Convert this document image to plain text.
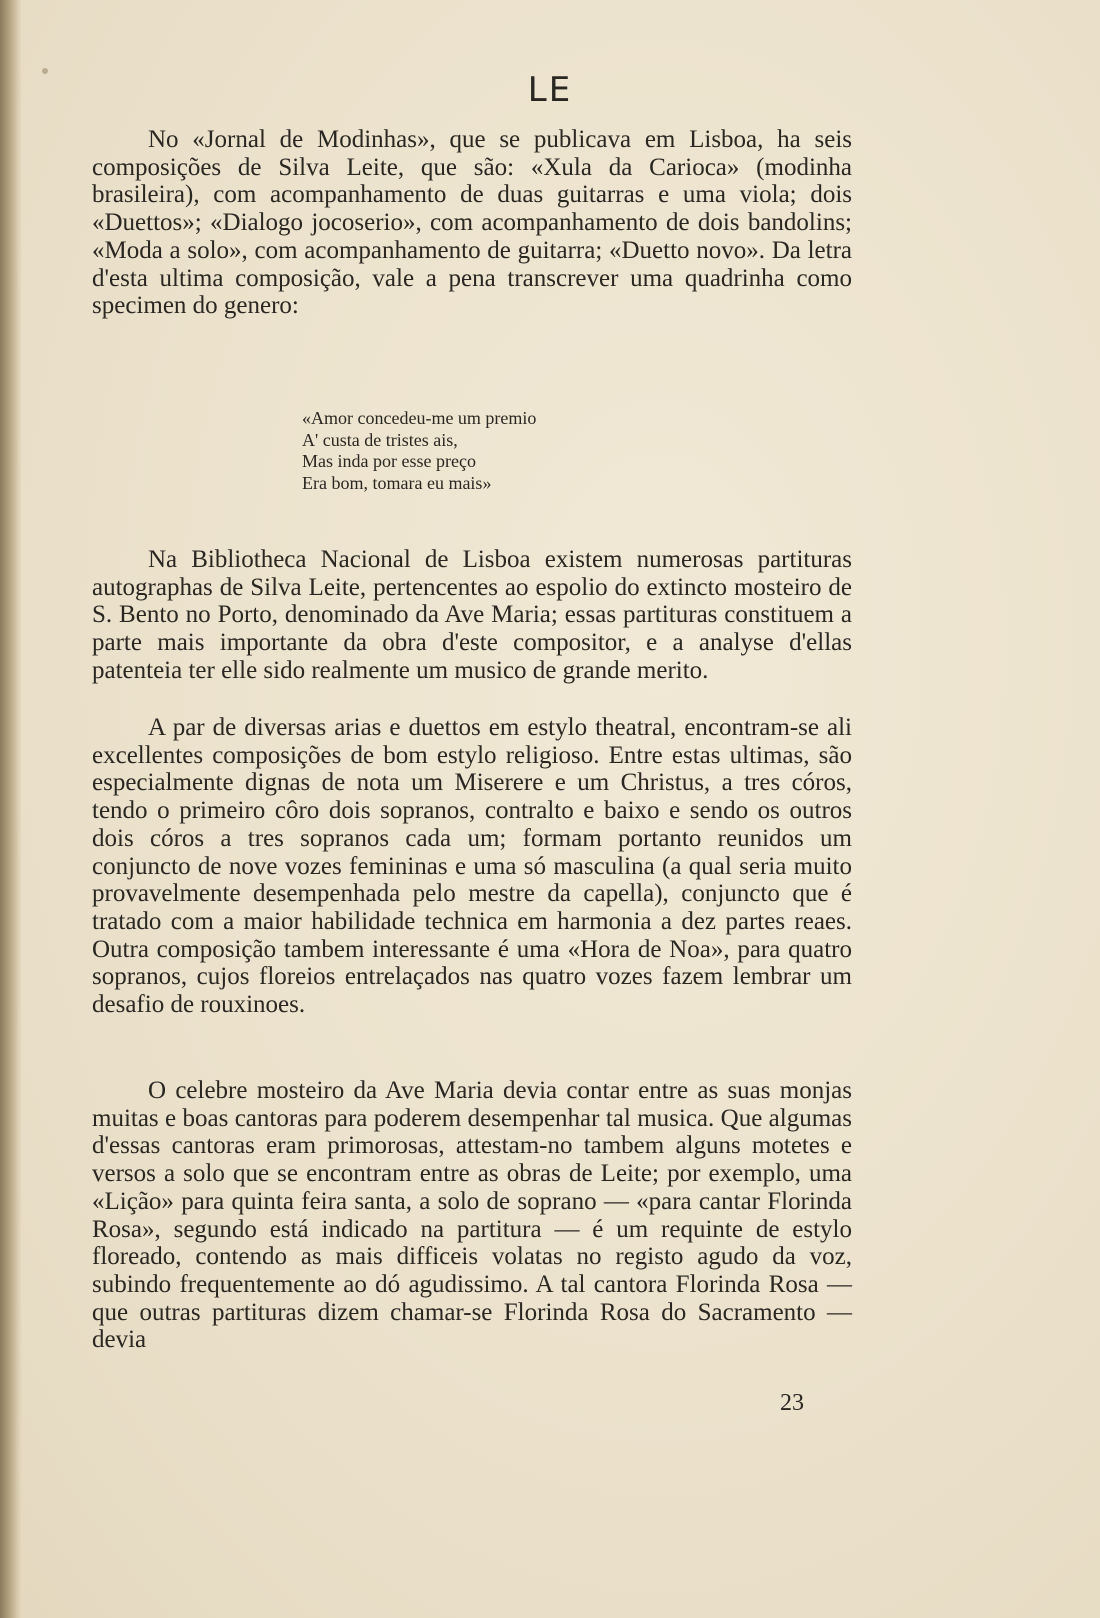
LE

No «Jornal de Modinhas», que se publicava em Lisboa, ha seis composições de Silva Leite, que são: «Xula da Carioca» (modinha brasileira), com acompanhamento de duas guitarras e uma viola; dois «Duettos»; «Dialogo jocoserio», com acompanhamento de dois bandolins; «Moda a solo», com acompanhamento de guitarra; «Duetto novo». Da letra d'esta ultima composição, vale a pena transcrever uma quadrinha como specimen do genero:

«Amor concedeu-me um premio
A' custa de tristes ais,
Mas inda por esse preço
Era bom, tomara eu mais»

Na Bibliotheca Nacional de Lisboa existem numerosas partituras autographas de Silva Leite, pertencentes ao espolio do extincto mosteiro de S. Bento no Porto, denominado da Ave Maria; essas partituras constituem a parte mais importante da obra d'este compositor, e a analyse d'ellas patenteia ter elle sido realmente um musico de grande merito.

A par de diversas arias e duettos em estylo theatral, encontram-se ali excellentes composições de bom estylo religioso. Entre estas ultimas, são especialmente dignas de nota um Miserere e um Christus, a tres córos, tendo o primeiro côro dois sopranos, contralto e baixo e sendo os outros dois córos a tres sopranos cada um; formam portanto reunidos um conjuncto de nove vozes femininas e uma só masculina (a qual seria muito provavelmente desempenhada pelo mestre da capella), conjuncto que é tratado com a maior habilidade technica em harmonia a dez partes reaes. Outra composição tambem interessante é uma «Hora de Noa», para quatro sopranos, cujos floreios entrelaçados nas quatro vozes fazem lembrar um desafio de rouxinoes.

O celebre mosteiro da Ave Maria devia contar entre as suas monjas muitas e boas cantoras para poderem desempenhar tal musica. Que algumas d'essas cantoras eram primorosas, attestam-no tambem alguns motetes e versos a solo que se encontram entre as obras de Leite; por exemplo, uma «Lição» para quinta feira santa, a solo de soprano — «para cantar Florinda Rosa», segundo está indicado na partitura — é um requinte de estylo floreado, contendo as mais difficeis volatas no registo agudo da voz, subindo frequentemente ao dó agudissimo. A tal cantora Florinda Rosa — que outras partituras dizem chamar-se Florinda Rosa do Sacramento — devia

23
